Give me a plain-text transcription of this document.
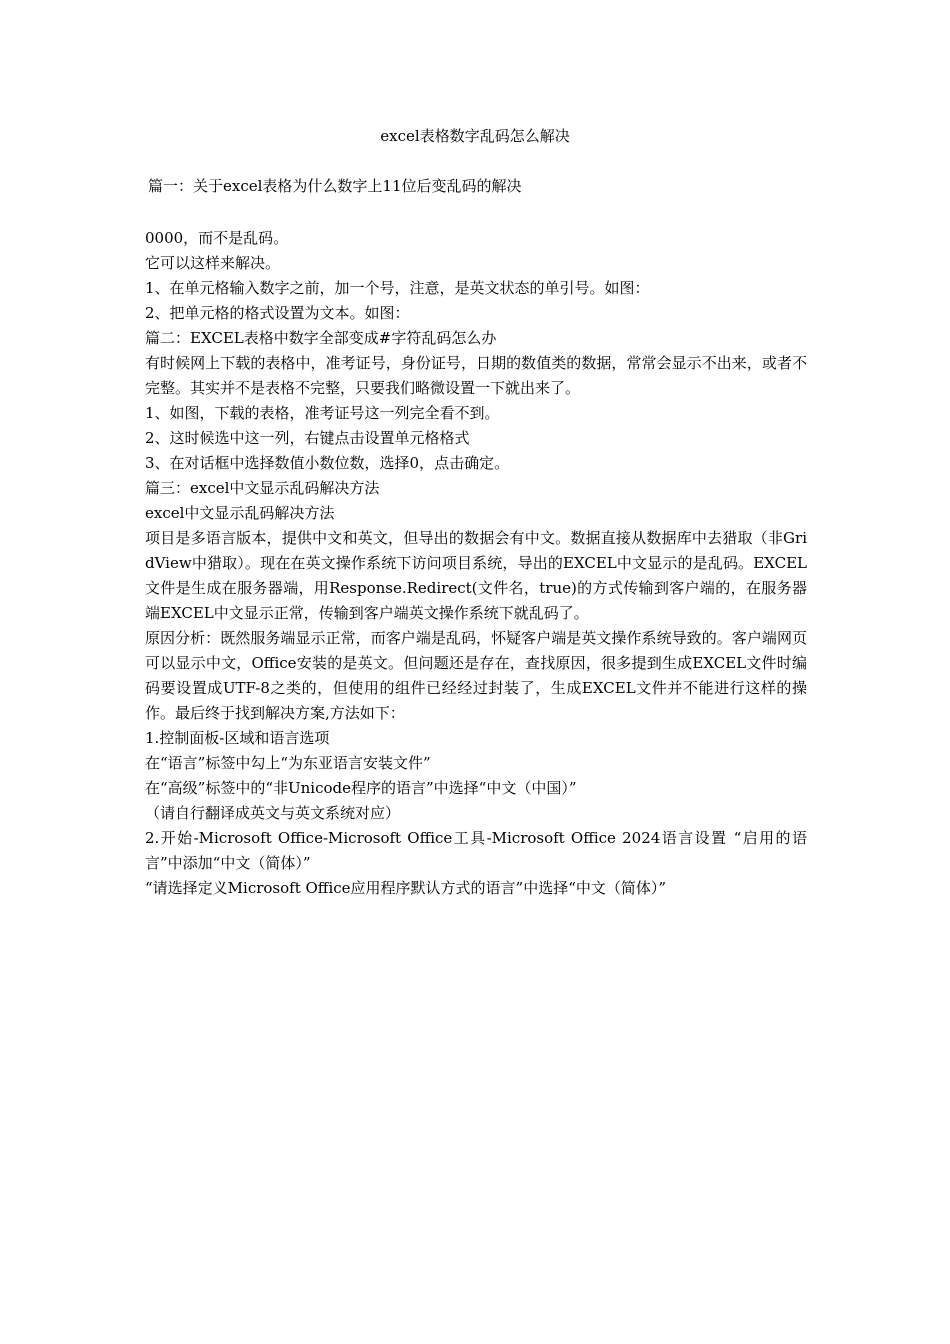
excel表格数字乱码怎么解决
篇一：关于excel表格为什么数字上11位后变乱码的解决

0000，而不是乱码。

它可以这样来解决。

1、在单元格输入数字之前，加一个号，注意，是英文状态的单引号。如图：

2、把单元格的格式设置为文本。如图：

篇二：EXCEL表格中数字全部变成#字符乱码怎么办

有时候网上下载的表格中，准考证号，身份证号，日期的数值类的数据，常常会显示不出来，或者不完整。其实并不是表格不完整，只要我们略微设置一下就出来了。

1、如图，下载的表格，准考证号这一列完全看不到。

2、这时候选中这一列，右键点击设置单元格格式

3、在对话框中选择数值小数位数，选择0，点击确定。

篇三：excel中文显示乱码解决方法

excel中文显示乱码解决方法

项目是多语言版本，提供中文和英文，但导出的数据会有中文。数据直接从数据库中去猎取（非GridView中猎取）。现在在英文操作系统下访问项目系统，导出的EXCEL中文显示的是乱码。EXCEL文件是生成在服务器端，用Response.Redirect(文件名，true)的方式传输到客户端的，在服务器端EXCEL中文显示正常，传输到客户端英文操作系统下就乱码了。

原因分析：既然服务端显示正常，而客户端是乱码，怀疑客户端是英文操作系统导致的。客户端网页可以显示中文，Office安装的是英文。但问题还是存在，查找原因，很多提到生成EXCEL文件时编码要设置成UTF-8之类的，但使用的组件已经经过封装了，生成EXCEL文件并不能进行这样的操作。最后终于找到解决方案,方法如下：

1.控制面板-区域和语言选项

在“语言”标签中勾上“为东亚语言安装文件”

在“高级”标签中的“非Unicode程序的语言”中选择“中文（中国）”

（请自行翻译成英文与英文系统对应）

2.开始-Microsoft Office-Microsoft Office工具-Microsoft Office 2024语言设置 “启用的语言”中添加“中文（简体）”

“请选择定义Microsoft Office应用程序默认方式的语言”中选择“中文（简体）”
